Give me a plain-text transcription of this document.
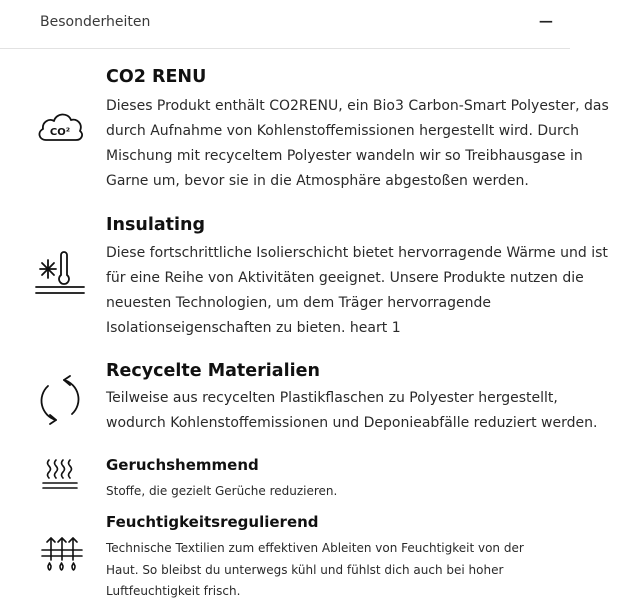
Besonderheiten	−
CO²
CO2 RENU
Dieses Produkt enthält CO2RENU, ein Bio3 Carbon-Smart Polyester, das durch Aufnahme von Kohlenstoffemissionen hergestellt wird. Durch Mischung mit recyceltem Polyester wandeln wir so Treibhausgase in Garne um, bevor sie in die Atmosphäre abgestoßen werden.
Insulating
Diese fortschrittliche Isolierschicht bietet hervorragende Wärme und ist für eine Reihe von Aktivitäten geeignet. Unsere Produkte nutzen die neuesten Technologien, um dem Träger hervorragende Isolationseigenschaften zu bieten. heart 1
Recycelte Materialien
Teilweise aus recycelten Plastikflaschen zu Polyester hergestellt, wodurch Kohlenstoffemissionen und Deponieabfälle reduziert werden.
Geruchshemmend
Stoffe, die gezielt Gerüche reduzieren.
Feuchtigkeitsregulierend
Technische Textilien zum effektiven Ableiten von Feuchtigkeit von der Haut. So bleibst du unterwegs kühl und fühlst dich auch bei hoher Luftfeuchtigkeit frisch.
